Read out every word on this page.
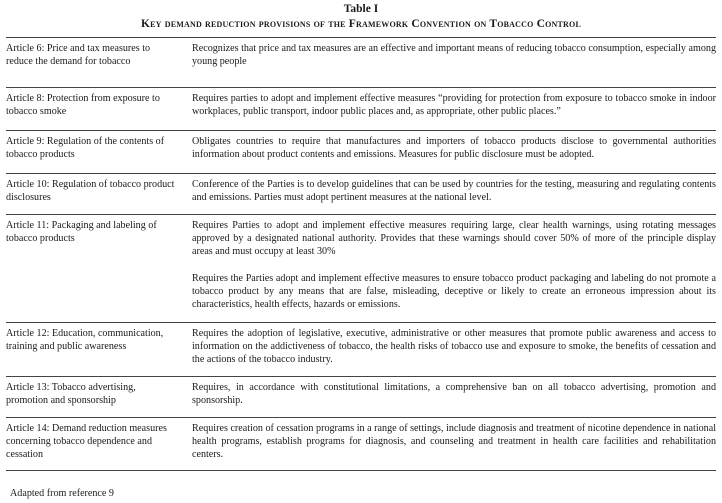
Table I
Key demand reduction provisions of the Framework Convention on Tobacco Control
Article 6: Price and tax measures to reduce the demand for tobacco
Recognizes that price and tax measures are an effective and important means of reducing tobacco consumption, especially among young people
Article 8: Protection from exposure to tobacco smoke
Requires parties to adopt and implement effective measures “providing for protection from exposure to tobacco smoke in indoor workplaces, public transport, indoor public places and, as appropriate, other public places.”
Article 9: Regulation of the contents of tobacco products
Obligates countries to require that manufactures and importers of tobacco products disclose to governmental authorities information about product contents and emissions. Measures for public disclosure must be adopted.
Article 10: Regulation of tobacco product disclosures
Conference of the Parties is to develop guidelines that can be used by countries for the testing, measuring and regulating contents and emissions. Parties must adopt pertinent measures at the national level.
Article 11: Packaging and labeling of tobacco products
Requires Parties to adopt and implement effective measures requiring large, clear health warnings, using rotating messages approved by a designated national authority. Provides that these warnings should cover 50% of more of the principle display areas and must occupy at least 30%
Requires the Parties adopt and implement effective measures to ensure tobacco product packaging and labeling do not promote a tobacco product by any means that are false, misleading, deceptive or likely to create an erroneous impression about its characteristics, health effects, hazards or emissions.
Article 12: Education, communication, training and public awareness
Requires the adoption of legislative, executive, administrative or other measures that promote public awareness and access to information on the addictiveness of tobacco, the health risks of tobacco use and exposure to smoke, the benefits of cessation and the actions of the tobacco industry.
Article 13: Tobacco advertising, promotion and sponsorship
Requires, in accordance with constitutional limitations, a comprehensive ban on all tobacco advertising, promotion and sponsorship.
Article 14: Demand reduction measures concerning tobacco dependence and cessation
Requires creation of cessation programs in a range of settings, include diagnosis and treatment of nicotine dependence in national health programs, establish programs for diagnosis, and counseling and treatment in health care facilities and rehabilitation centers.
Adapted from reference 9
